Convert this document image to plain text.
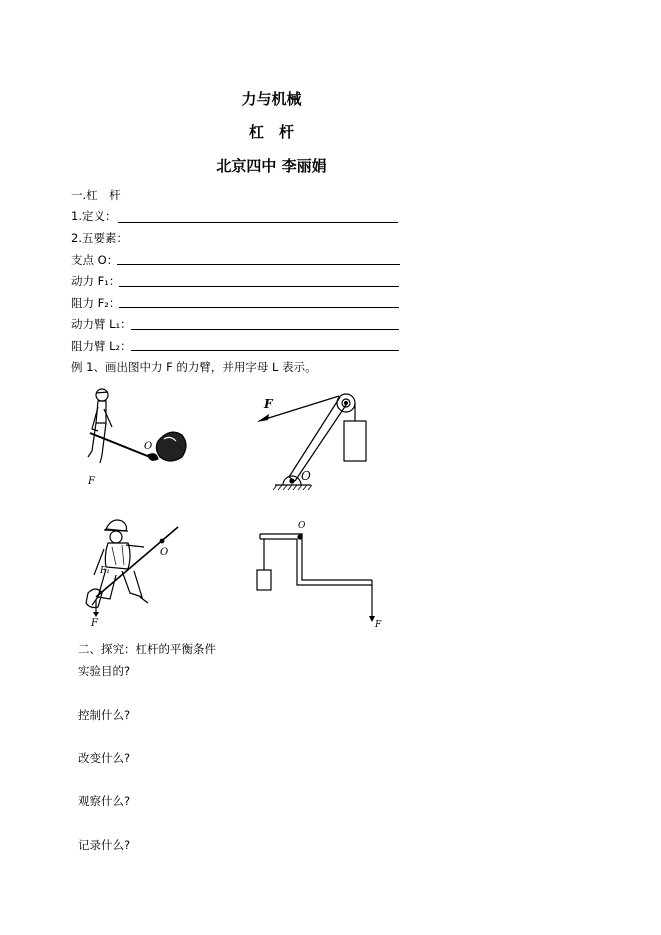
力与机械
杠　杆
北京四中 李丽娟
一.杠　杆
1.定义：
2.五要素：
支点 O：
动力 F₁：
阻力 F₂：
动力臂 L₁：
阻力臂 L₂：
例 1、画出图中力 F 的力臂，并用字母 L 表示。
O
F
F
O
O
F₁
F
O
F
二、探究：杠杆的平衡条件
实验目的?
控制什么?
改变什么?
观察什么?
记录什么?
